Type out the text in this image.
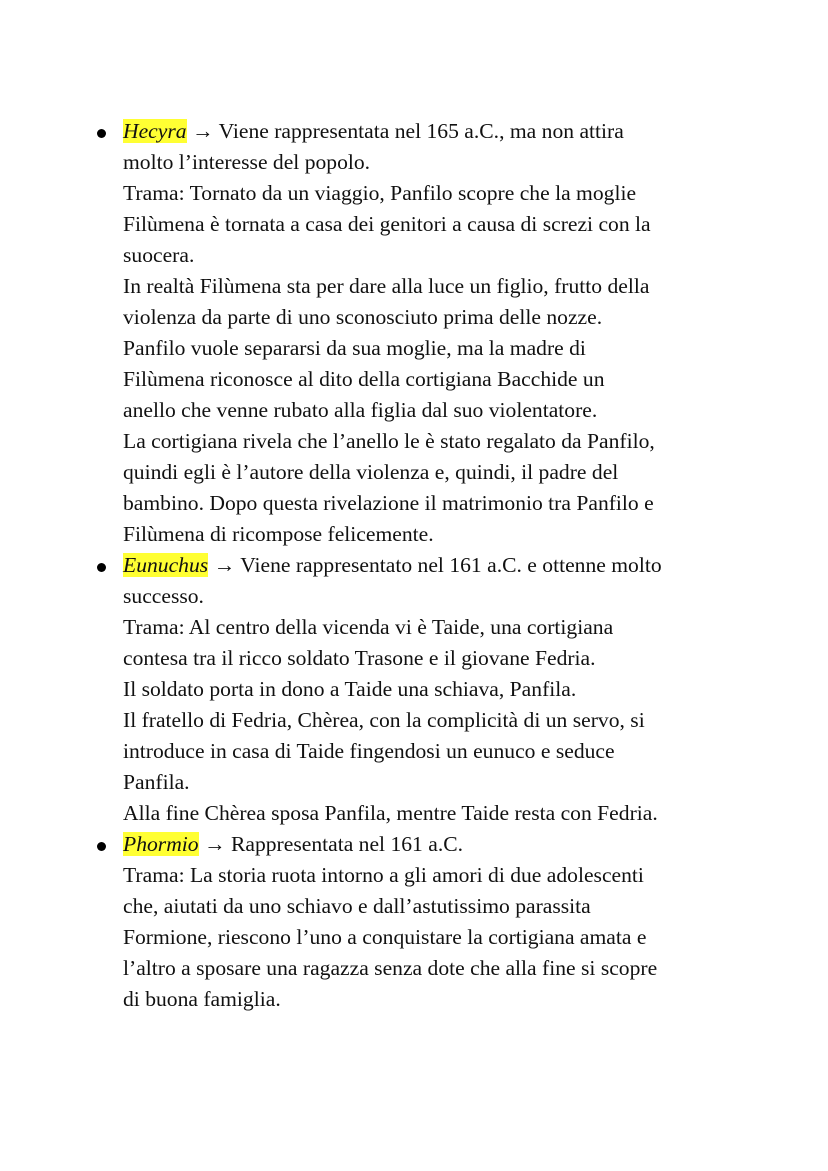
Hecyra → Viene rappresentata nel 165 a.C., ma non attira
molto l’interesse del popolo.
Trama: Tornato da un viaggio, Panfilo scopre che la moglie
Filùmena è tornata a casa dei genitori a causa di screzi con la
suocera.
In realtà Filùmena sta per dare alla luce un figlio, frutto della
violenza da parte di uno sconosciuto prima delle nozze.
Panfilo vuole separarsi da sua moglie, ma la madre di
Filùmena riconosce al dito della cortigiana Bacchide un
anello che venne rubato alla figlia dal suo violentatore.
La cortigiana rivela che l’anello le è stato regalato da Panfilo,
quindi egli è l’autore della violenza e, quindi, il padre del
bambino. Dopo questa rivelazione il matrimonio tra Panfilo e
Filùmena di ricompose felicemente.
Eunuchus → Viene rappresentato nel 161 a.C. e ottenne molto
successo.
Trama: Al centro della vicenda vi è Taide, una cortigiana
contesa tra il ricco soldato Trasone e il giovane Fedria.
Il soldato porta in dono a Taide una schiava, Panfila.
Il fratello di Fedria, Chèrea, con la complicità di un servo, si
introduce in casa di Taide fingendosi un eunuco e seduce
Panfila.
Alla fine Chèrea sposa Panfila, mentre Taide resta con Fedria.
Phormio → Rappresentata nel 161 a.C.
Trama: La storia ruota intorno a gli amori di due adolescenti
che, aiutati da uno schiavo e dall’astutissimo parassita
Formione, riescono l’uno a conquistare la cortigiana amata e
l’altro a sposare una ragazza senza dote che alla fine si scopre
di buona famiglia.
